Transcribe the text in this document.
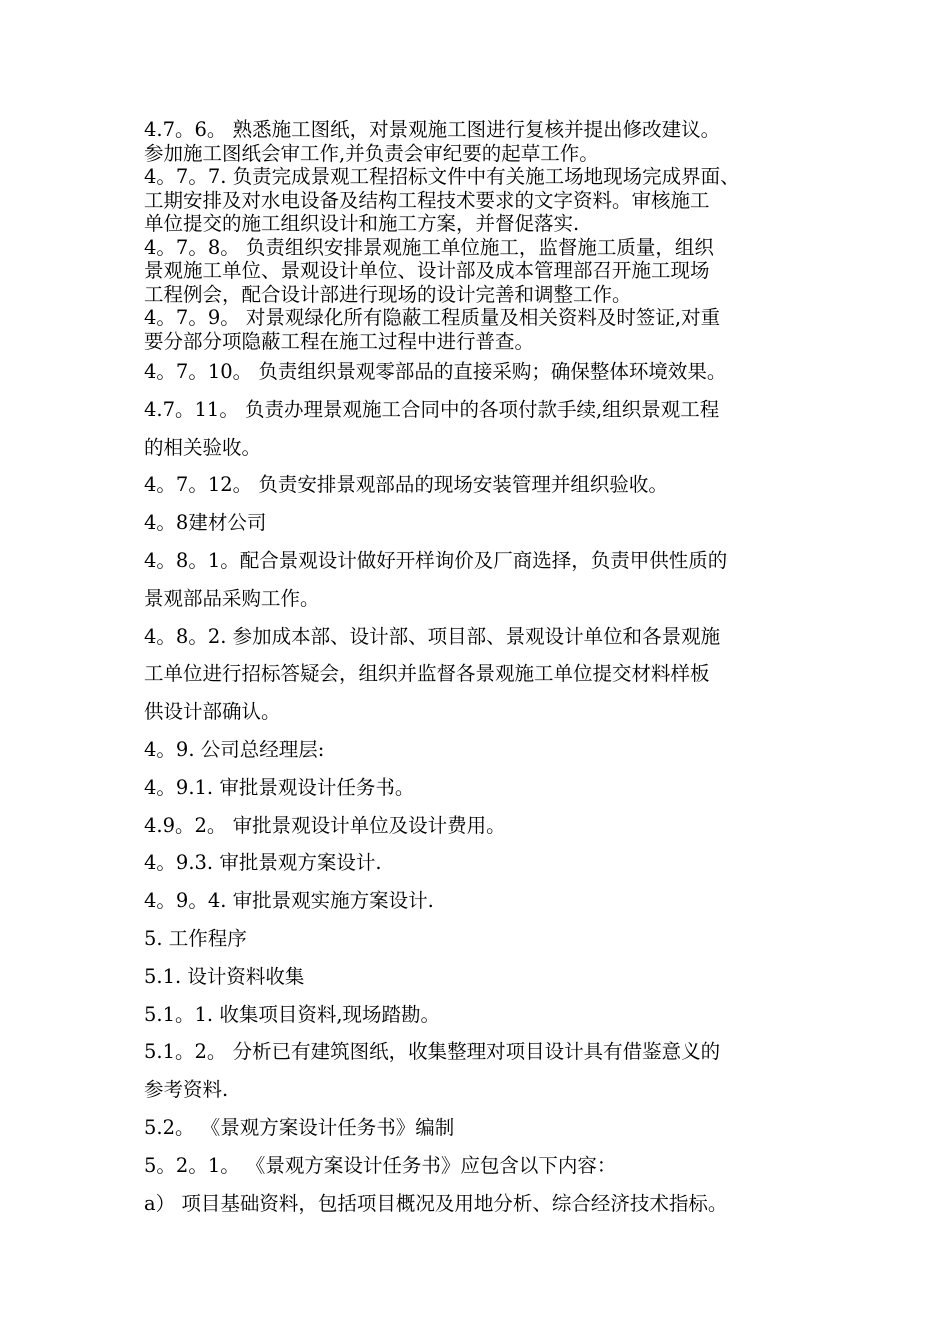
4.7。6。 熟悉施工图纸，对景观施工图进行复核并提出修改建议。

参加施工图纸会审工作,并负责会审纪要的起草工作。

4。7。7. 负责完成景观工程招标文件中有关施工场地现场完成界面、

工期安排及对水电设备及结构工程技术要求的文字资料。审核施工

单位提交的施工组织设计和施工方案，并督促落实.

4。7。8。 负责组织安排景观施工单位施工，监督施工质量，组织

景观施工单位、景观设计单位、设计部及成本管理部召开施工现场

工程例会，配合设计部进行现场的设计完善和调整工作。

4。7。9。 对景观绿化所有隐蔽工程质量及相关资料及时签证,对重

要分部分项隐蔽工程在施工过程中进行普查。

4。7。10。 负责组织景观零部品的直接采购；确保整体环境效果。

4.7。11。 负责办理景观施工合同中的各项付款手续,组织景观工程

的相关验收。

4。7。12。 负责安排景观部品的现场安装管理并组织验收。

4。8建材公司

4。8。1。配合景观设计做好开样询价及厂商选择，负责甲供性质的

景观部品采购工作。

4。8。2. 参加成本部、设计部、项目部、景观设计单位和各景观施

工单位进行招标答疑会，组织并监督各景观施工单位提交材料样板

供设计部确认。

4。9. 公司总经理层:

4。9.1. 审批景观设计任务书。

4.9。2。 审批景观设计单位及设计费用。

4。9.3. 审批景观方案设计.

4。9。4. 审批景观实施方案设计.

5. 工作程序

5.1. 设计资料收集

5.1。1. 收集项目资料,现场踏勘。

5.1。2。 分析已有建筑图纸，收集整理对项目设计具有借鉴意义的

参考资料.

5.2。 《景观方案设计任务书》编制

5。2。1。 《景观方案设计任务书》应包含以下内容：

a） 项目基础资料，包括项目概况及用地分析、综合经济技术指标。
